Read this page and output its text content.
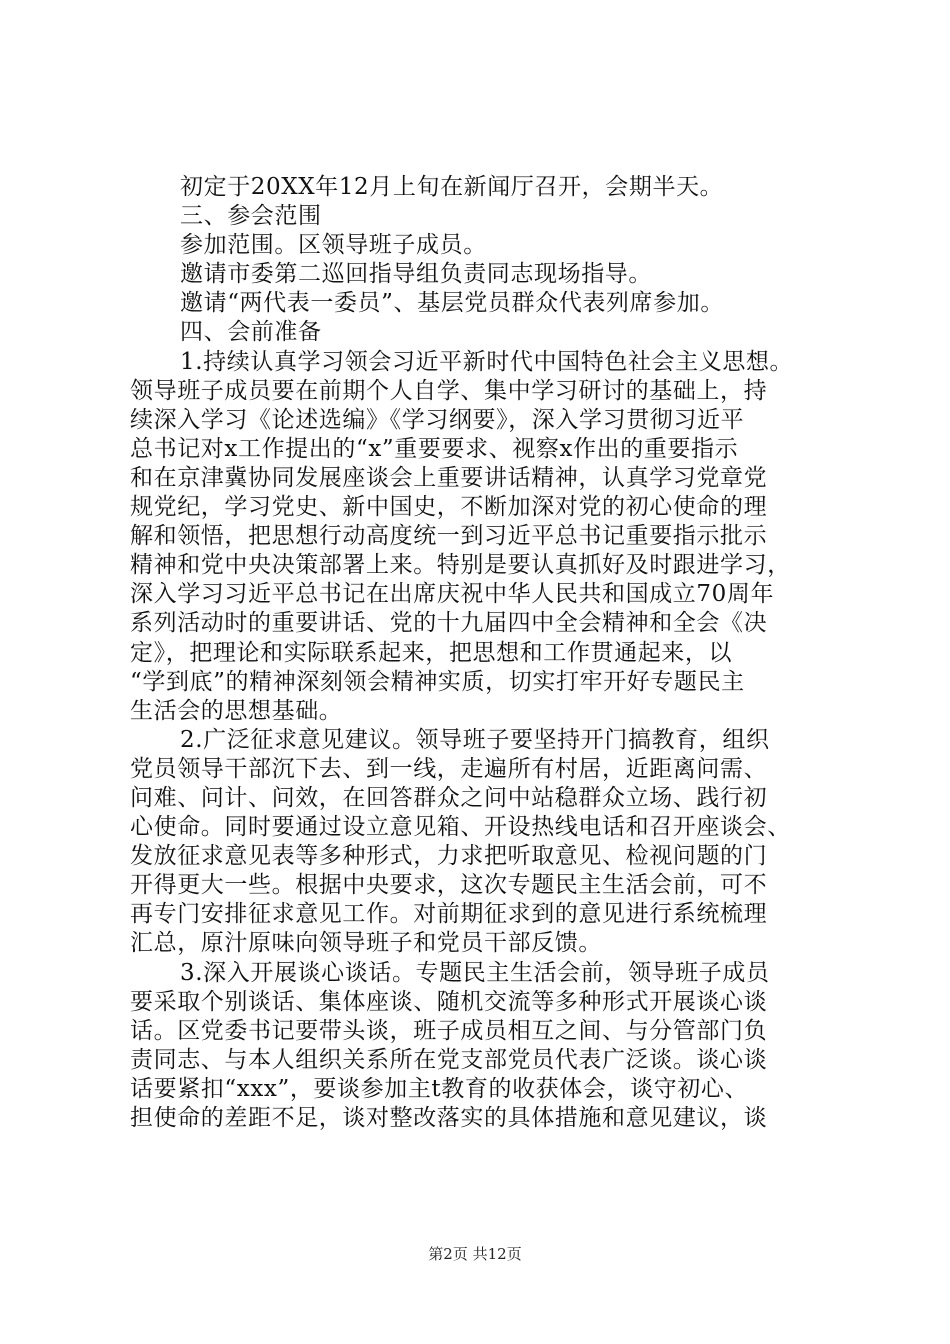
初定于20XX年12月上旬在新闻厅召开，会期半天。
三、参会范围
参加范围。区领导班子成员。
邀请市委第二巡回指导组负责同志现场指导。
邀请“两代表一委员”、基层党员群众代表列席参加。
四、会前准备
1.持续认真学习领会习近平新时代中国特色社会主义思想。
领导班子成员要在前期个人自学、集中学习研讨的基础上，持
续深入学习《论述选编》《学习纲要》，深入学习贯彻习近平
总书记对x工作提出的“x”重要要求、视察x作出的重要指示
和在京津冀协同发展座谈会上重要讲话精神，认真学习党章党
规党纪，学习党史、新中国史，不断加深对党的初心使命的理
解和领悟，把思想行动高度统一到习近平总书记重要指示批示
精神和党中央决策部署上来。特别是要认真抓好及时跟进学习，
深入学习习近平总书记在出席庆祝中华人民共和国成立70周年
系列活动时的重要讲话、党的十九届四中全会精神和全会《决
定》，把理论和实际联系起来，把思想和工作贯通起来，以
“学到底”的精神深刻领会精神实质，切实打牢开好专题民主
生活会的思想基础。
2.广泛征求意见建议。领导班子要坚持开门搞教育，组织
党员领导干部沉下去、到一线，走遍所有村居，近距离问需、
问难、问计、问效，在回答群众之问中站稳群众立场、践行初
心使命。同时要通过设立意见箱、开设热线电话和召开座谈会、
发放征求意见表等多种形式，力求把听取意见、检视问题的门
开得更大一些。根据中央要求，这次专题民主生活会前，可不
再专门安排征求意见工作。对前期征求到的意见进行系统梳理
汇总，原汁原味向领导班子和党员干部反馈。
3.深入开展谈心谈话。专题民主生活会前，领导班子成员
要采取个别谈话、集体座谈、随机交流等多种形式开展谈心谈
话。区党委书记要带头谈，班子成员相互之间、与分管部门负
责同志、与本人组织关系所在党支部党员代表广泛谈。谈心谈
话要紧扣“xxx”，要谈参加主t教育的收获体会，谈守初心、
担使命的差距不足，谈对整改落实的具体措施和意见建议，谈
第2页 共12页
